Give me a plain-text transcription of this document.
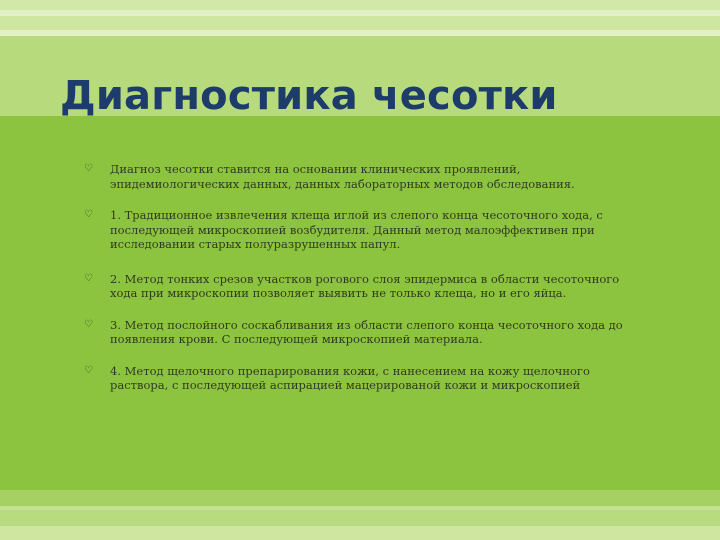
Диагностика чесотки
♡ Диагноз чесотки ставится на основании клинических проявлений, эпидемиологических данных, данных лабораторных методов обследования.
♡ 1. Традиционное извлечения клеща иглой из слепого конца чесоточного хода, с последующей микроскопией возбудителя. Данный метод малоэффективен при исследовании старых полуразрушенных папул.
♡ 2. Метод тонких срезов участков рогового слоя эпидермиса в области чесоточного хода при микроскопии позволяет выявить не только клеща, но и его яйца.
♡ 3. Метод послойного соскабливания из области слепого конца чесоточного хода до появления крови. С последующей микроскопией материала.
♡ 4. Метод щелочного препарирования кожи, с нанесением на кожу щелочного раствора, с последующей аспирацией мацерированой кожи и микроскопией
